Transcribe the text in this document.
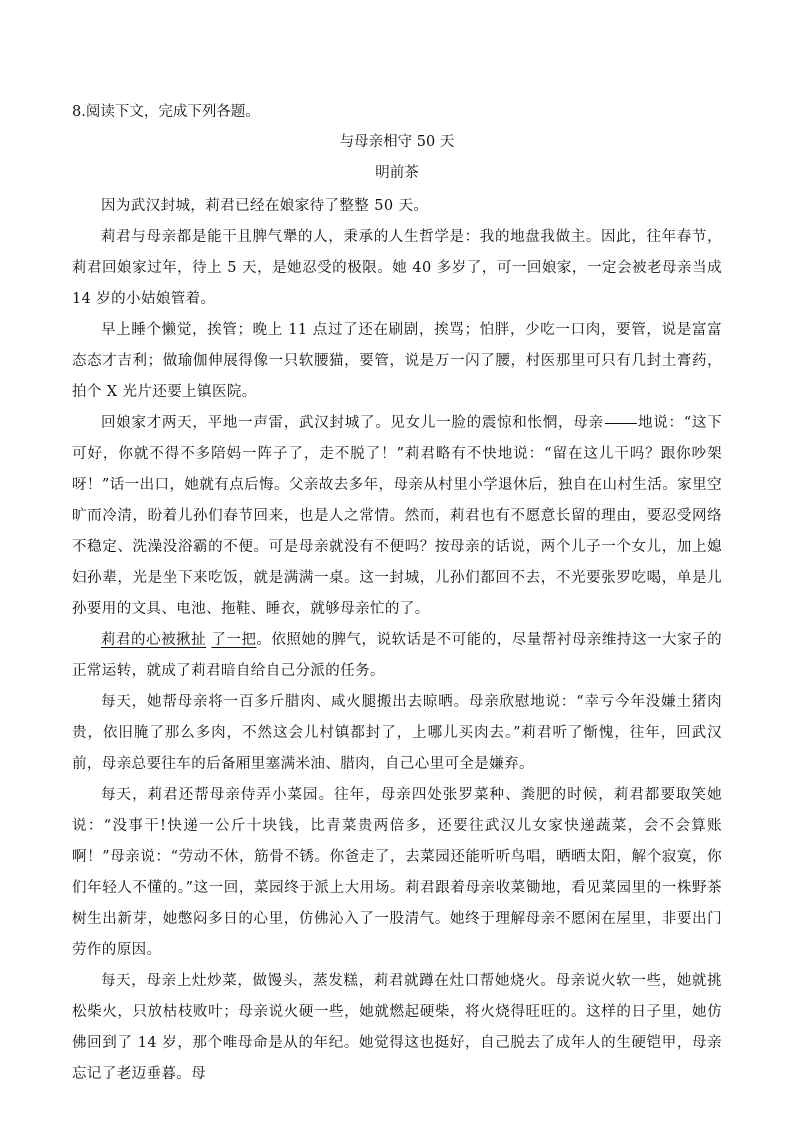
8.阅读下文，完成下列各题。

与母亲相守 50 天

明前茶

因为武汉封城，莉君已经在娘家待了整整 50 天。

莉君与母亲都是能干且脾气犟的人，秉承的人生哲学是：我的地盘我做主。因此，往年春节，莉君回娘家过年，待上 5 天，是她忍受的极限。她 40 多岁了，可一回娘家，一定会被老母亲当成 14 岁的小姑娘管着。

早上睡个懒觉，挨管；晚上 11 点过了还在刷剧，挨骂；怕胖，少吃一口肉，要管，说是富富态态才吉利；做瑜伽伸展得像一只软腰猫，要管，说是万一闪了腰，村医那里可只有几封土膏药，拍个 X 光片还要上镇医院。

回娘家才两天，平地一声雷，武汉封城了。见女儿一脸的震惊和怅惘，母亲 地说：“这下可好，你就不得不多陪妈一阵子了，走不脱了！”莉君略有不快地说：“留在这儿干吗？跟你吵架呀！”话一出口，她就有点后悔。父亲故去多年，母亲从村里小学退休后，独自在山村生活。家里空旷而冷清，盼着儿孙们春节回来，也是人之常情。然而，莉君也有不愿意长留的理由，要忍受网络不稳定、洗澡没浴霸的不便。可是母亲就没有不便吗？按母亲的话说，两个儿子一个女儿，加上媳妇孙辈，光是坐下来吃饭，就是满满一桌。这一封城，儿孙们都回不去，不光要张罗吃喝，单是儿孙要用的文具、电池、拖鞋、睡衣，就够母亲忙的了。

莉君的心被揪扯 了一把。依照她的脾气，说软话是不可能的，尽量帮衬母亲维持这一大家子的正常运转，就成了莉君暗自给自己分派的任务。

每天，她帮母亲将一百多斤腊肉、咸火腿搬出去晾晒。母亲欣慰地说：“幸亏今年没嫌土猪肉贵，依旧腌了那么多肉，不然这会儿村镇都封了，上哪儿买肉去。”莉君听了惭愧，往年，回武汉前，母亲总要往车的后备厢里塞满米油、腊肉，自己心里可全是嫌弃。

每天，莉君还帮母亲侍弄小菜园。往年，母亲四处张罗菜种、粪肥的时候，莉君都要取笑她说：“没事干!快递一公斤十块钱，比青菜贵两倍多，还要往武汉儿女家快递蔬菜，会不会算账啊！”母亲说：“劳动不休，筋骨不锈。你爸走了，去菜园还能听听鸟唱，晒晒太阳，解个寂寞，你们年轻人不懂的。”这一回，菜园终于派上大用场。莉君跟着母亲收菜锄地，看见菜园里的一株野茶树生出新芽，她憋闷多日的心里，仿佛沁入了一股清气。她终于理解母亲不愿闲在屋里，非要出门劳作的原因。

每天，母亲上灶炒菜，做馒头，蒸发糕，莉君就蹲在灶口帮她烧火。母亲说火软一些，她就挑松柴火，只放枯枝败叶；母亲说火硬一些，她就燃起硬柴，将火烧得旺旺的。这样的日子里，她仿佛回到了 14 岁，那个唯母命是从的年纪。她觉得这也挺好，自己脱去了成年人的生硬铠甲，母亲忘记了老迈垂暮。母
